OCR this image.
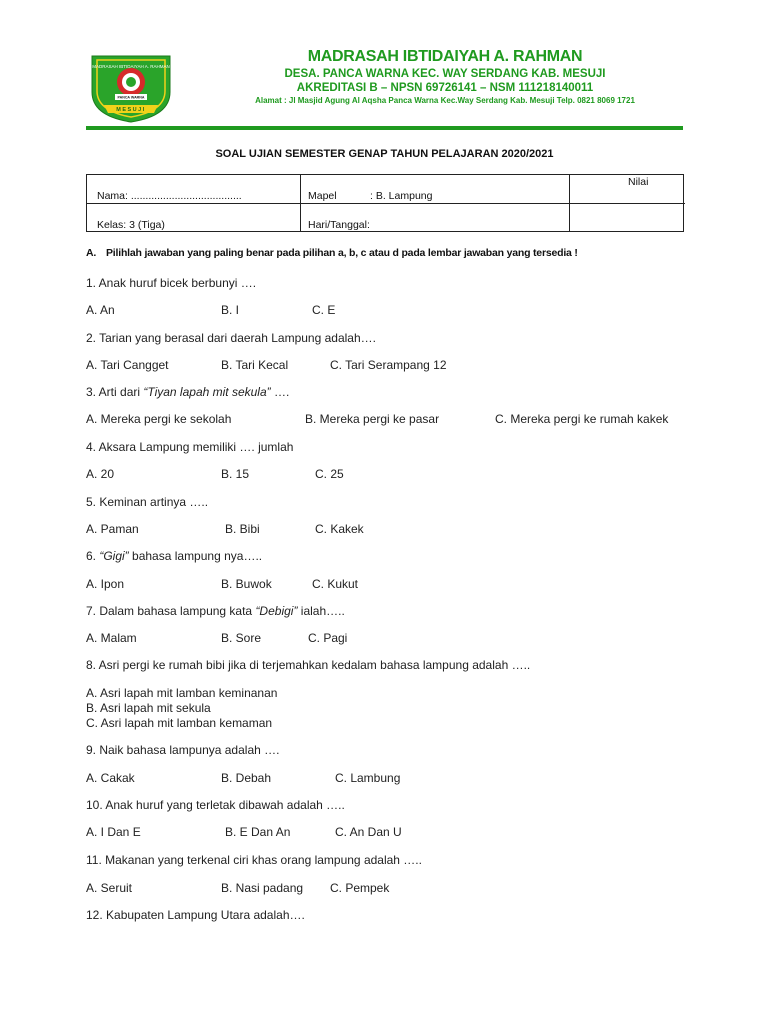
MADRASAH IBTIDAIYAH A. RAHMAN
PANCA WARNA
MESUJI
MADRASAH IBTIDAIYAH A. RAHMAN
DESA. PANCA WARNA KEC. WAY SERDANG KAB. MESUJI
AKREDITASI B – NPSN 69726141 – NSM 111218140011
Alamat : Jl Masjid Agung Al Aqsha Panca Warna Kec.Way Serdang Kab. Mesuji Telp. 0821 8069 1721
SOAL UJIAN SEMESTER GENAP TAHUN PELAJARAN 2020/2021
Nama: ......................................	Mapel	: B. Lampung
Nilai
Kelas: 3 (Tiga)	Hari/Tanggal:
A. Pilihlah jawaban yang paling benar pada pilihan a, b, c atau d pada lembar jawaban yang tersedia !
1. Anak huruf bicek berbunyi ….
A. An	B. I	C. E
2. Tarian yang berasal dari daerah Lampung adalah….
A. Tari Cangget	B. Tari Kecal	C. Tari Serampang 12
3. Arti dari “Tiyan lapah mit sekula” ….
A. Mereka pergi ke sekolah	B. Mereka pergi ke pasar	C. Mereka pergi ke rumah kakek
4. Aksara Lampung memiliki …. jumlah
A. 20	B. 15	C. 25
5. Keminan artinya …..
A. Paman	B. Bibi	C. Kakek
6. “Gigi” bahasa lampung nya…..
A. Ipon	B. Buwok	C. Kukut
7. Dalam bahasa lampung kata “Debigi” ialah…..
A. Malam	B. Sore	C. Pagi
8. Asri pergi ke rumah bibi jika di terjemahkan kedalam bahasa lampung adalah …..
A. Asri lapah mit lamban keminanan
B. Asri lapah mit sekula
C. Asri lapah mit lamban kemaman
9. Naik bahasa lampunya adalah ….
A. Cakak	B. Debah	C. Lambung
10. Anak huruf yang terletak dibawah adalah …..
A. I Dan E	B. E Dan An	C. An Dan U
11. Makanan yang terkenal ciri khas orang lampung adalah …..
A. Seruit	B. Nasi padang C. Pempek
12. Kabupaten Lampung Utara adalah….
